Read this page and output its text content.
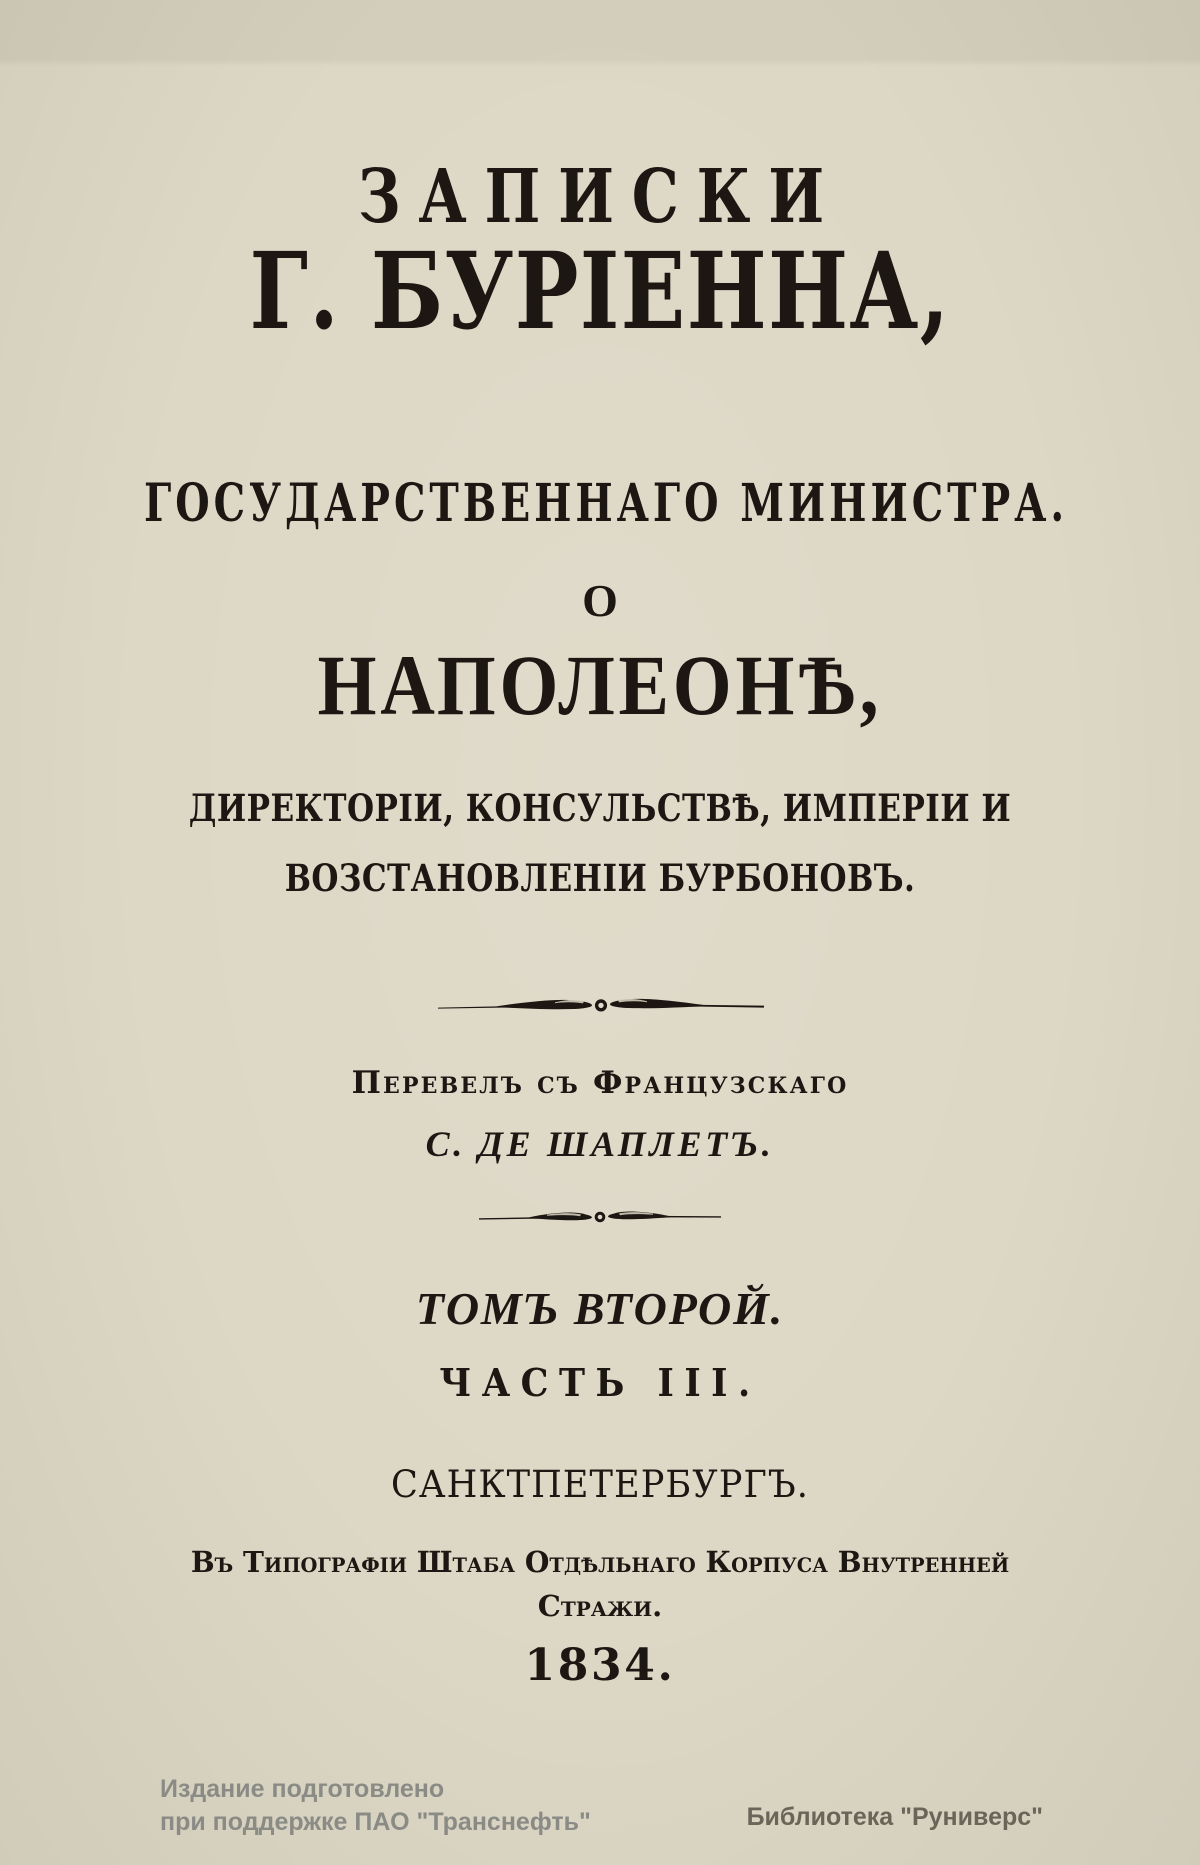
ЗАПИСКИ
Г. БУРІЕННА,
ГОСУДАРСТВЕННАГО МИНИСТРА.
О
НАПОЛЕОНѢ,
ДИРЕКТОРІИ, КОНСУЛЬСТВѢ, ИМПЕРІИ И
ВОЗСТАНОВЛЕНІИ БУРБОНОВЪ.
Перевелъ съ Французскаго
С. ДЕ ШАПЛЕТЪ.
ТОМЪ ВТОРОЙ.
ЧАСТЬ III.
САНКТПЕТЕРБУРГЪ.
Въ Типографіи Штаба Отдѣльнаго Корпуса Внутренней
Стражи.
1834.
Издание подготовлено
при поддержке ПАО "Транснефть"	Библиотека "Руниверс"
